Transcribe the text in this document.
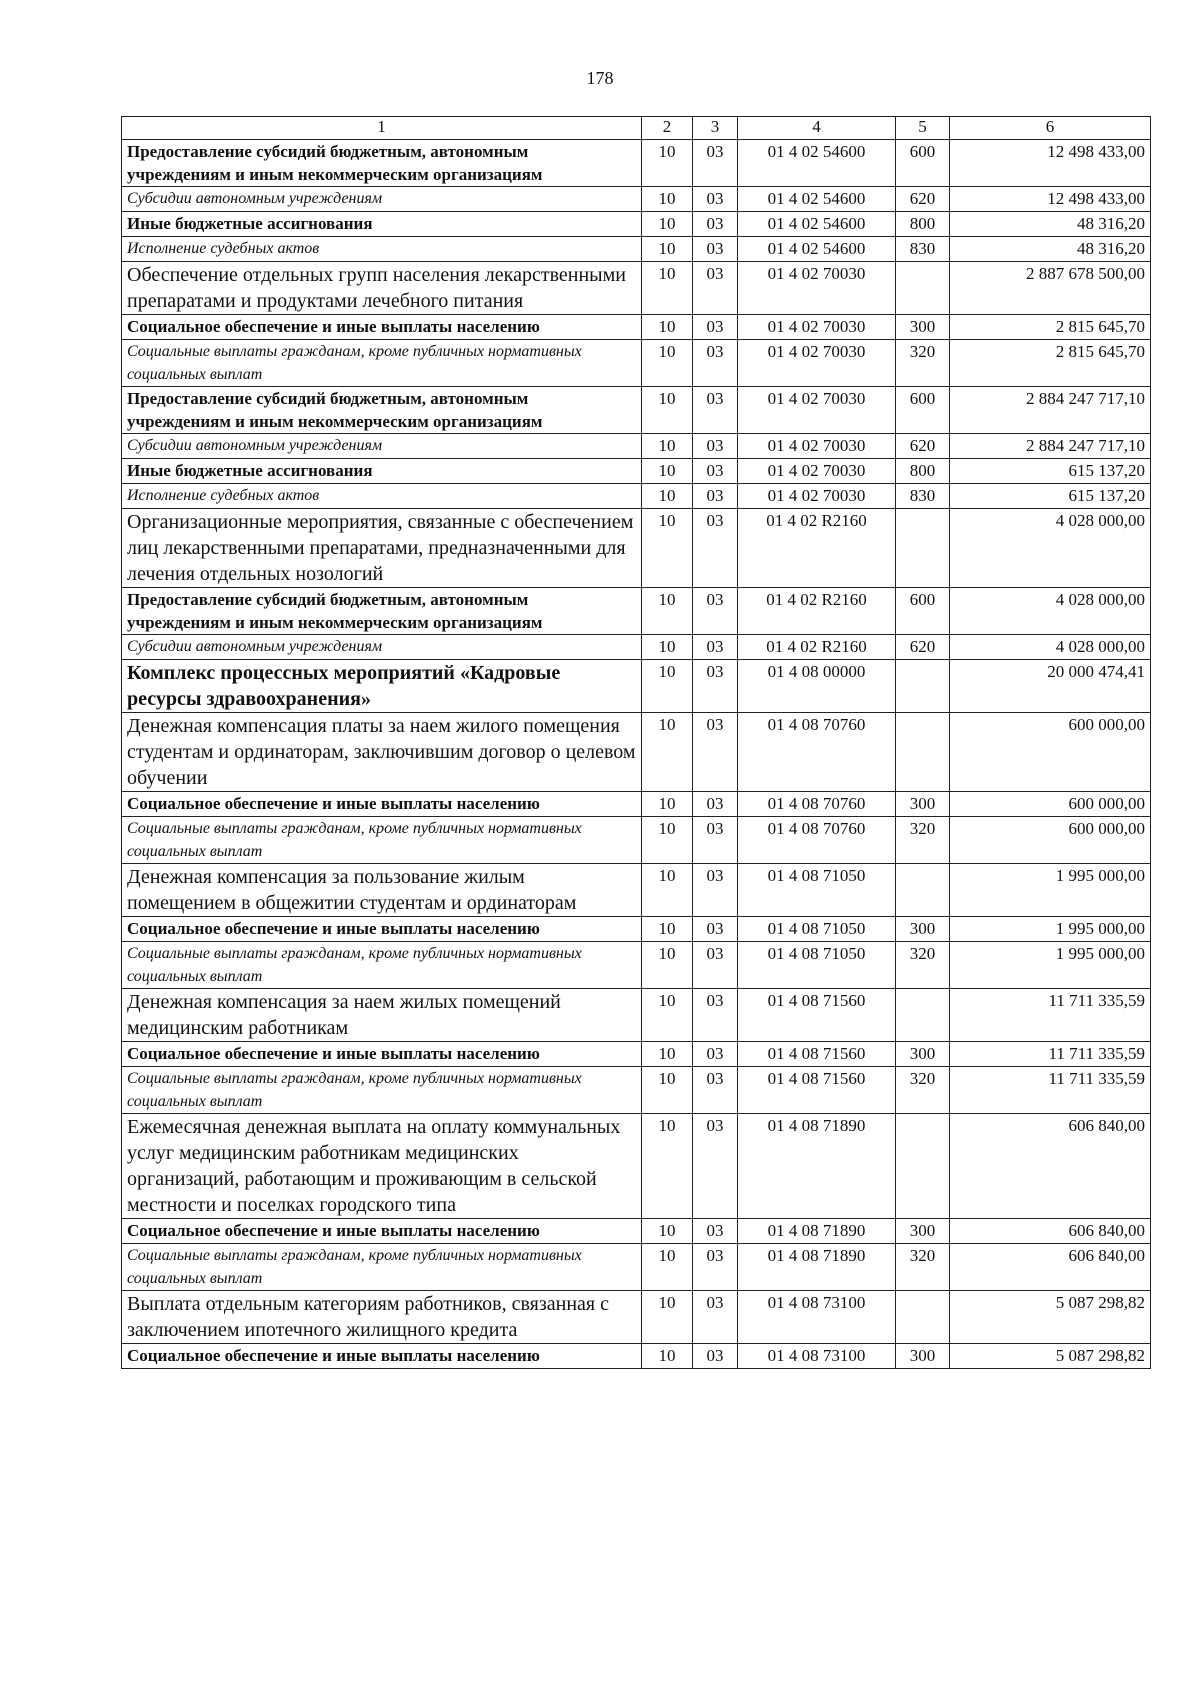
178
1	2	3	4	5	6
Предоставление субсидий бюджетным, автономным учреждениям и иным некоммерческим организациям	10	03	01 4 02 54600	600	12 498 433,00
Субсидии автономным учреждениям	10	03	01 4 02 54600	620	12 498 433,00
Иные бюджетные ассигнования	10	03	01 4 02 54600	800	48 316,20
Исполнение судебных актов	10	03	01 4 02 54600	830	48 316,20
Обеспечение отдельных групп населения лекарственными препаратами и продуктами лечебного питания	10	03	01 4 02 70030		2 887 678 500,00
Социальное обеспечение и иные выплаты населению	10	03	01 4 02 70030	300	2 815 645,70
Социальные выплаты гражданам, кроме публичных нормативных социальных выплат	10	03	01 4 02 70030	320	2 815 645,70
Предоставление субсидий бюджетным, автономным учреждениям и иным некоммерческим организациям	10	03	01 4 02 70030	600	2 884 247 717,10
Субсидии автономным учреждениям	10	03	01 4 02 70030	620	2 884 247 717,10
Иные бюджетные ассигнования	10	03	01 4 02 70030	800	615 137,20
Исполнение судебных актов	10	03	01 4 02 70030	830	615 137,20
Организационные мероприятия, связанные с обеспечением лиц лекарственными препаратами, предназначенными для лечения отдельных нозологий	10	03	01 4 02 R2160		4 028 000,00
Предоставление субсидий бюджетным, автономным учреждениям и иным некоммерческим организациям	10	03	01 4 02 R2160	600	4 028 000,00
Субсидии автономным учреждениям	10	03	01 4 02 R2160	620	4 028 000,00
Комплекс процессных мероприятий «Кадровые ресурсы здравоохранения»	10	03	01 4 08 00000		20 000 474,41
Денежная компенсация платы за наем жилого помещения студентам и ординаторам, заключившим договор о целевом обучении	10	03	01 4 08 70760		600 000,00
Социальное обеспечение и иные выплаты населению	10	03	01 4 08 70760	300	600 000,00
Социальные выплаты гражданам, кроме публичных нормативных социальных выплат	10	03	01 4 08 70760	320	600 000,00
Денежная компенсация за пользование жилым помещением в общежитии студентам и ординаторам	10	03	01 4 08 71050		1 995 000,00
Социальное обеспечение и иные выплаты населению	10	03	01 4 08 71050	300	1 995 000,00
Социальные выплаты гражданам, кроме публичных нормативных социальных выплат	10	03	01 4 08 71050	320	1 995 000,00
Денежная компенсация за наем жилых помещений медицинским работникам	10	03	01 4 08 71560		11 711 335,59
Социальное обеспечение и иные выплаты населению	10	03	01 4 08 71560	300	11 711 335,59
Социальные выплаты гражданам, кроме публичных нормативных социальных выплат	10	03	01 4 08 71560	320	11 711 335,59
Ежемесячная денежная выплата на оплату коммунальных услуг медицинским работникам медицинских организаций, работающим и проживающим в сельской местности и поселках городского типа	10	03	01 4 08 71890		606 840,00
Социальное обеспечение и иные выплаты населению	10	03	01 4 08 71890	300	606 840,00
Социальные выплаты гражданам, кроме публичных нормативных социальных выплат	10	03	01 4 08 71890	320	606 840,00
Выплата отдельным категориям работников, связанная с заключением ипотечного жилищного кредита	10	03	01 4 08 73100		5 087 298,82
Социальное обеспечение и иные выплаты населению	10	03	01 4 08 73100	300	5 087 298,82
